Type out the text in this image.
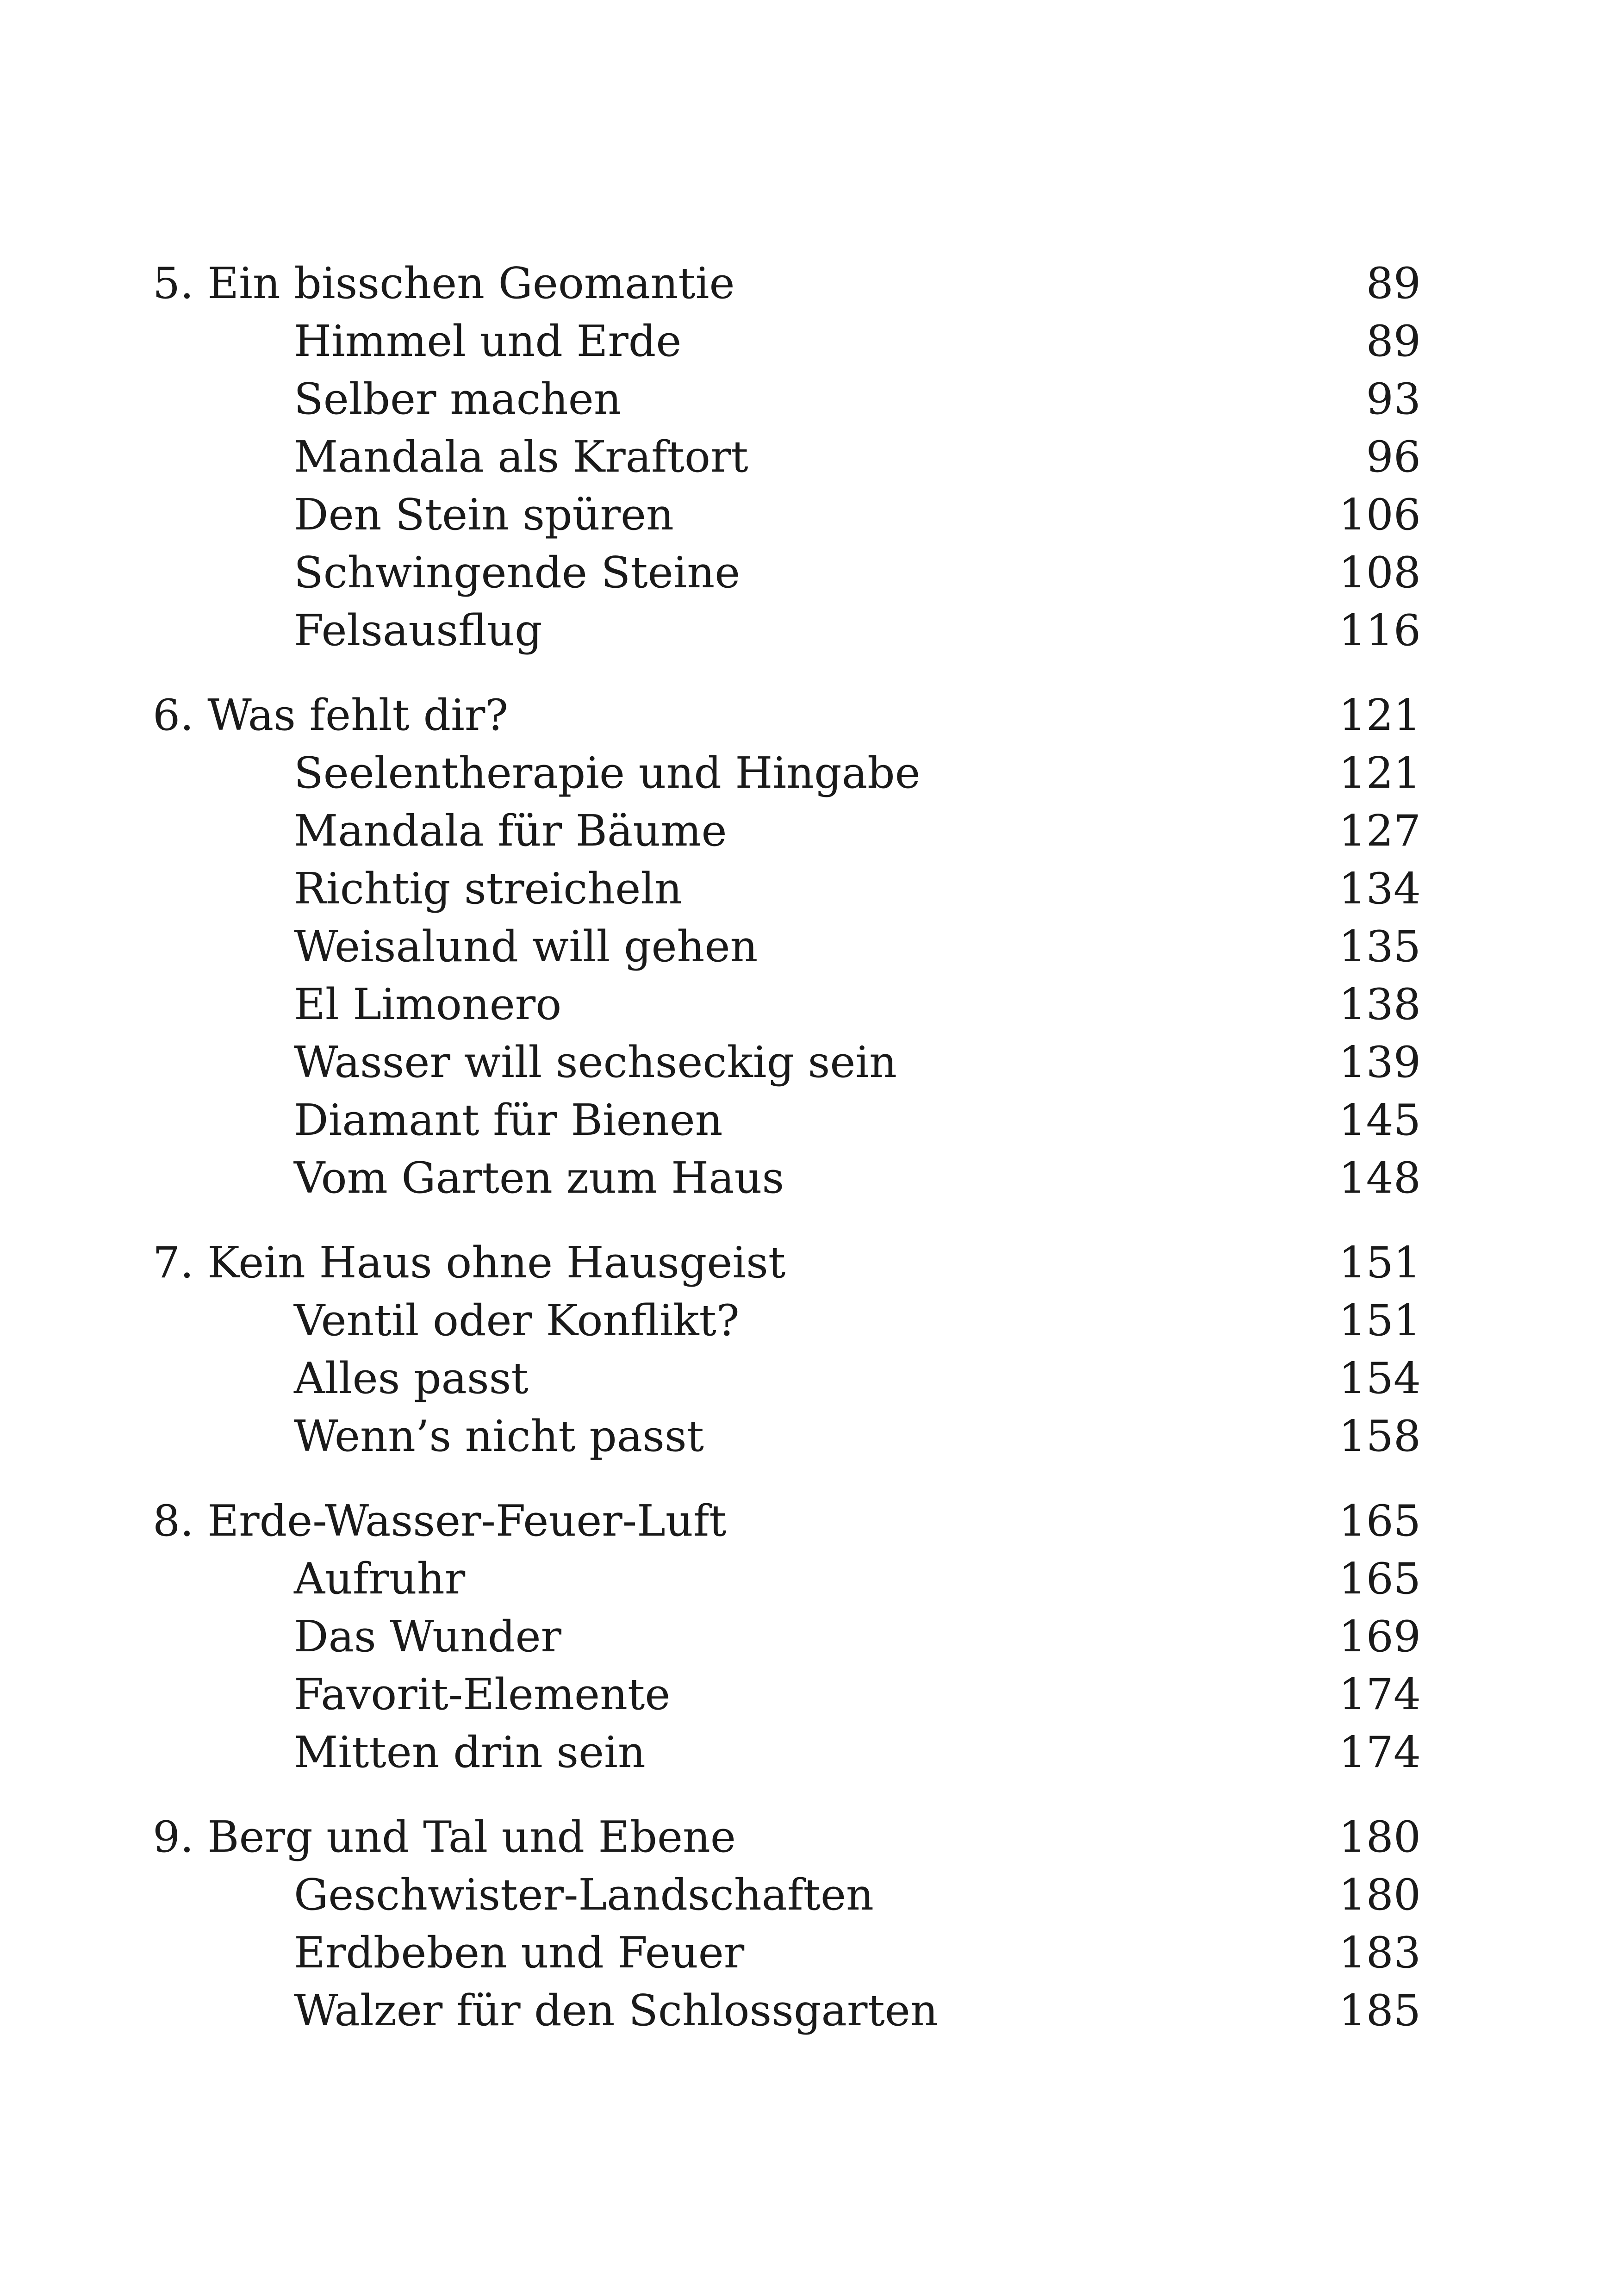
5. Ein bisschen Geomantie	89
Himmel und Erde	89
Selber machen	93
Mandala als Kraftort	96
Den Stein spüren	106
Schwingende Steine	108
Felsausflug	116
6. Was fehlt dir?	121
Seelentherapie und Hingabe	121
Mandala für Bäume	127
Richtig streicheln	134
Weisalund will gehen	135
El Limonero	138
Wasser will sechseckig sein	139
Diamant für Bienen	145
Vom Garten zum Haus	148
7. Kein Haus ohne Hausgeist	151
Ventil oder Konflikt?	151
Alles passt	154
Wenn’s nicht passt	158
8. Erde-Wasser-Feuer-Luft	165
Aufruhr	165
Das Wunder	169
Favorit-Elemente	174
Mitten drin sein	174
9. Berg und Tal und Ebene	180
Geschwister-Landschaften	180
Erdbeben und Feuer	183
Walzer für den Schlossgarten	185
